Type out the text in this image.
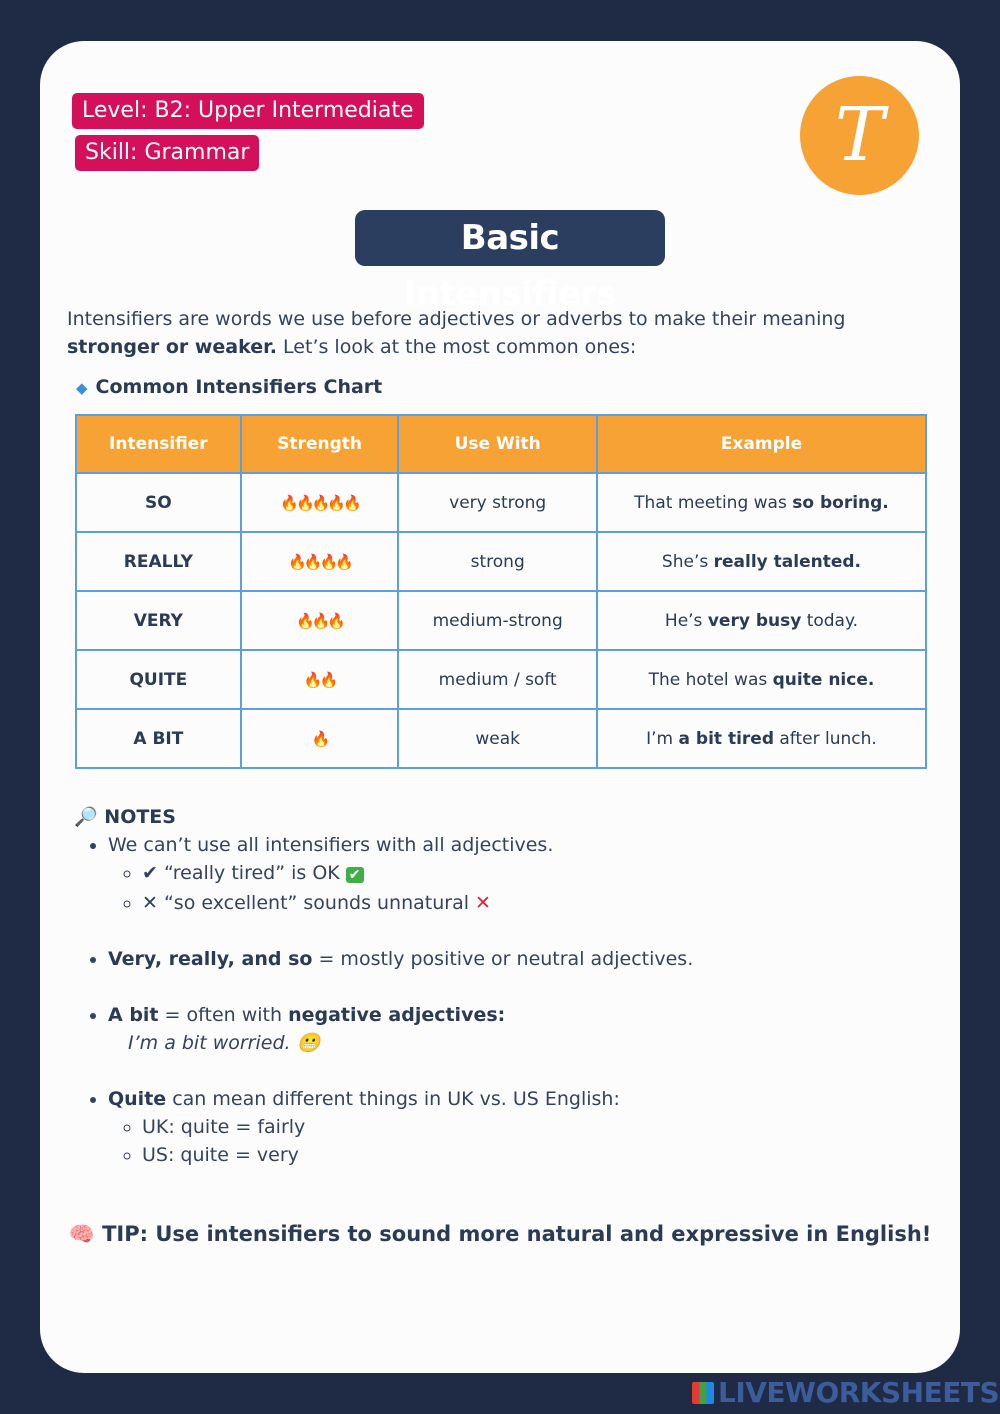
Level: B2: Upper Intermediate
Skill: Grammar	T
Basic Intensifiers

Intensifiers are words we use before adjectives or adverbs to make their meaning stronger or weaker. Let’s look at the most common ones:

◆ Common Intensifiers Chart
Intensifier	Strength	Use With	Example
SO	🔥🔥🔥🔥🔥	very strong	That meeting was so boring.
REALLY	🔥🔥🔥🔥	strong	She’s really talented.
VERY	🔥🔥🔥	medium-strong	He’s very busy today.
QUITE	🔥🔥	medium / soft	The hotel was quite nice.
A BIT	🔥	weak	I’m a bit tired after lunch.
🔎 NOTES
• We can’t use all intensifiers with all adjectives.
◦ ✔ “really tired” is OK ✔
◦ ✕ “so excellent” sounds unnatural ✕
• Very, really, and so = mostly positive or neutral adjectives.
• A bit = often with negative adjectives:
I’m a bit worried. 😬
• Quite can mean different things in UK vs. US English:
◦ UK: quite = fairly
◦ US: quite = very
🧠 TIP: Use intensifiers to sound more natural and expressive in English!
LIVEWORKSHEETS
